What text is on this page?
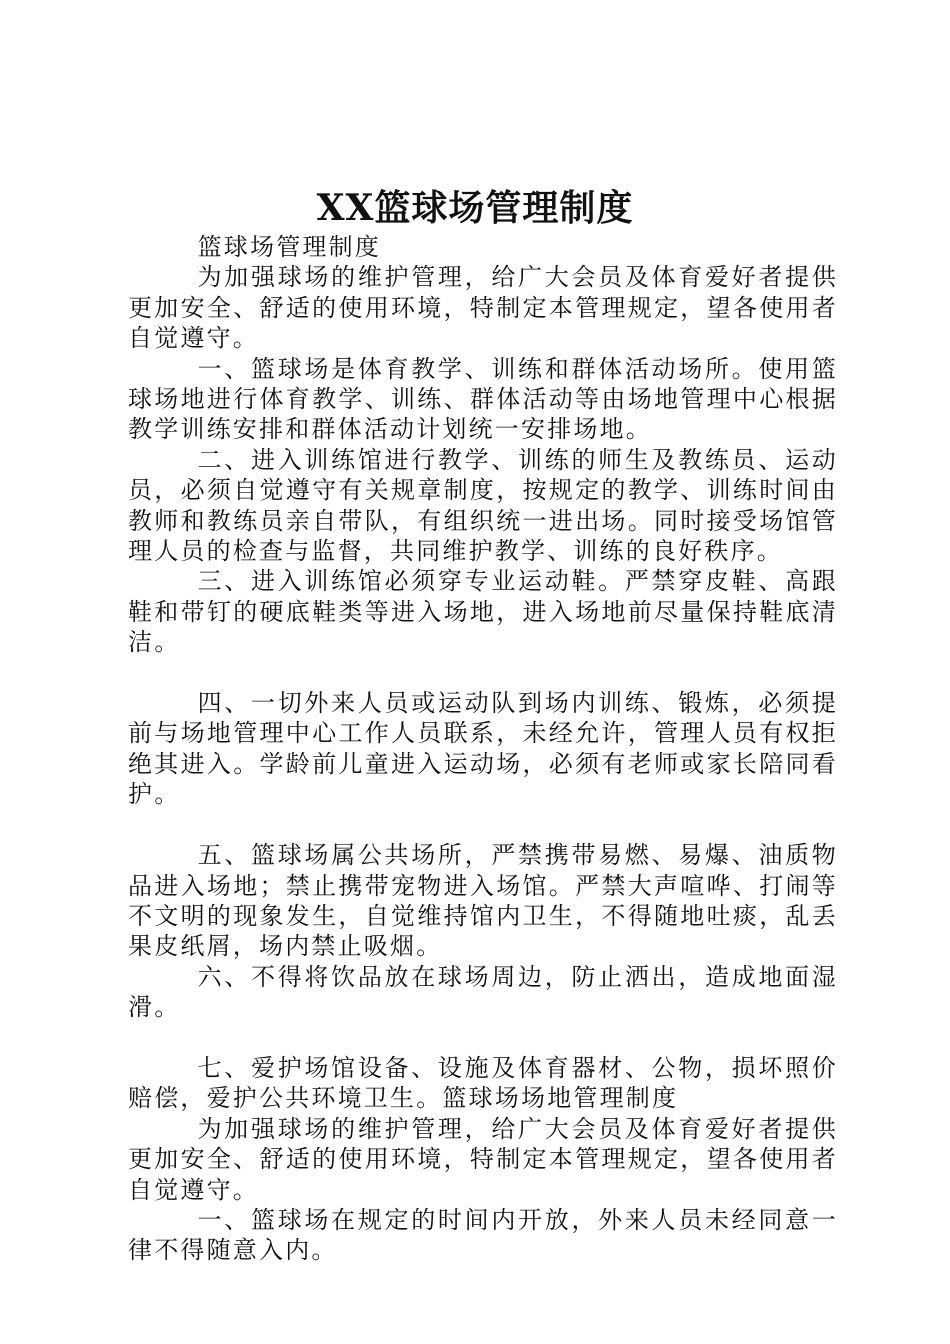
XX篮球场管理制度

篮球场管理制度

为加强球场的维护管理，给广大会员及体育爱好者提供更加安全、舒适的使用环境，特制定本管理规定，望各使用者自觉遵守。

一、篮球场是体育教学、训练和群体活动场所。使用篮球场地进行体育教学、训练、群体活动等由场地管理中心根据教学训练安排和群体活动计划统一安排场地。

二、进入训练馆进行教学、训练的师生及教练员、运动员，必须自觉遵守有关规章制度，按规定的教学、训练时间由教师和教练员亲自带队，有组织统一进出场。同时接受场馆管理人员的检查与监督，共同维护教学、训练的良好秩序。

三、进入训练馆必须穿专业运动鞋。严禁穿皮鞋、高跟鞋和带钉的硬底鞋类等进入场地，进入场地前尽量保持鞋底清洁。

四、一切外来人员或运动队到场内训练、锻炼，必须提前与场地管理中心工作人员联系，未经允许，管理人员有权拒绝其进入。学龄前儿童进入运动场，必须有老师或家长陪同看护。

五、篮球场属公共场所，严禁携带易燃、易爆、油质物品进入场地；禁止携带宠物进入场馆。严禁大声喧哗、打闹等不文明的现象发生，自觉维持馆内卫生，不得随地吐痰，乱丢果皮纸屑，场内禁止吸烟。

六、不得将饮品放在球场周边，防止洒出，造成地面湿滑。

七、爱护场馆设备、设施及体育器材、公物，损坏照价赔偿，爱护公共环境卫生。篮球场场地管理制度

为加强球场的维护管理，给广大会员及体育爱好者提供更加安全、舒适的使用环境，特制定本管理规定，望各使用者自觉遵守。

一、篮球场在规定的时间内开放，外来人员未经同意一律不得随意入内。
